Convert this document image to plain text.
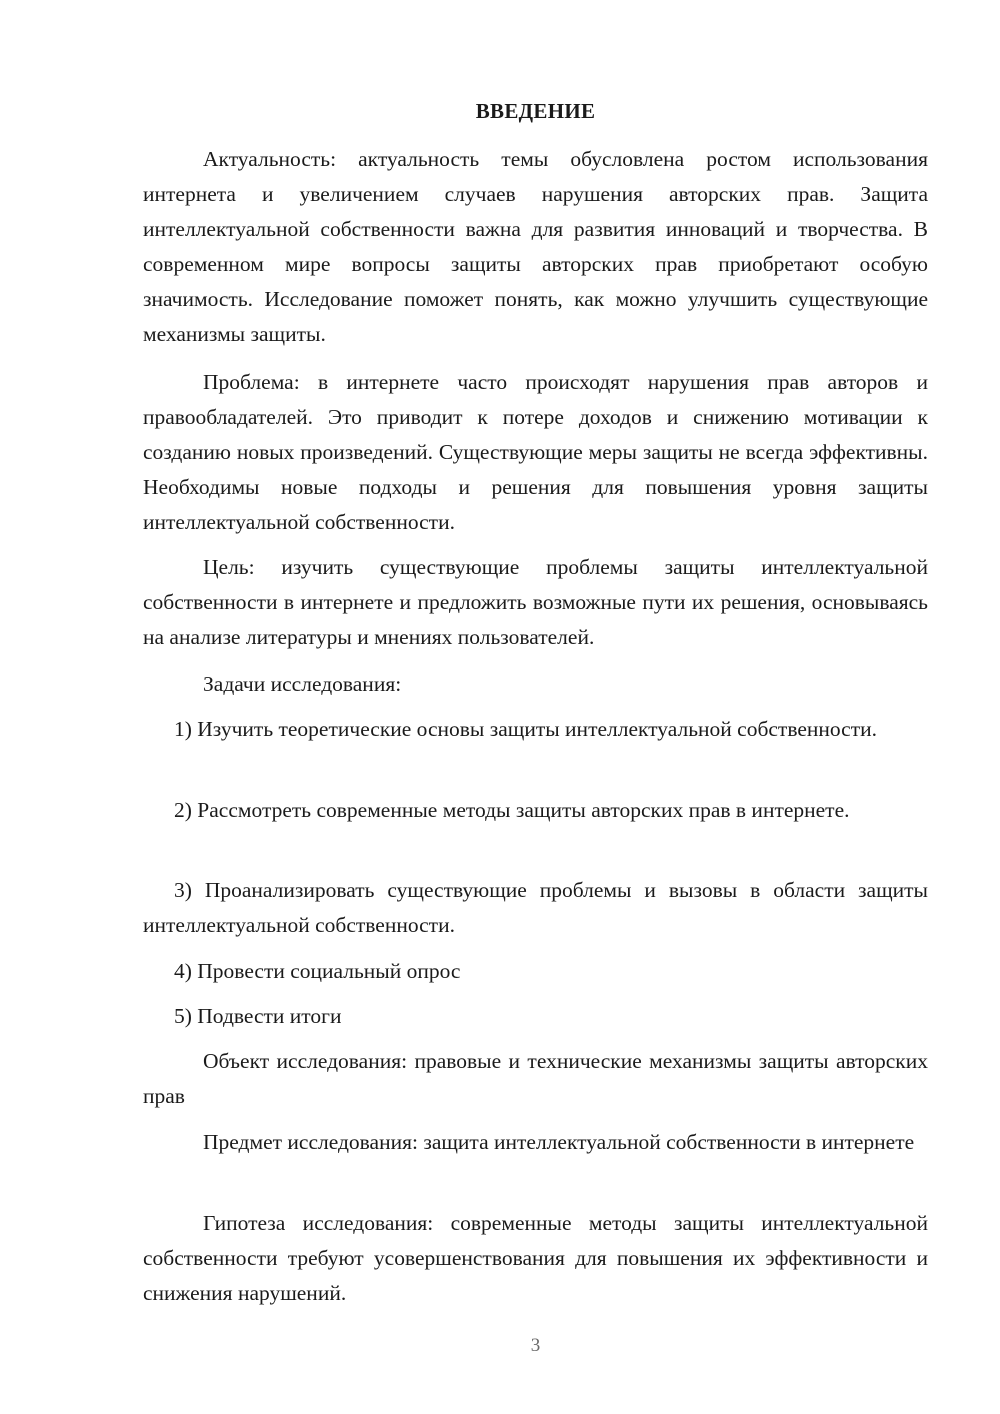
ВВЕДЕНИЕ

Актуальность: актуальность темы обусловлена ростом использования интернета и увеличением случаев нарушения авторских прав. Защита интеллектуальной собственности важна для развития инноваций и творчества. В современном мире вопросы защиты авторских прав приобретают особую значимость. Исследование поможет понять, как можно улучшить существующие механизмы защиты.

Проблема: в интернете часто происходят нарушения прав авторов и правообладателей. Это приводит к потере доходов и снижению мотивации к созданию новых произведений. Существующие меры защиты не всегда эффективны. Необходимы новые подходы и решения для повышения уровня защиты интеллектуальной собственности.

Цель: изучить существующие проблемы защиты интеллектуальной собственности в интернете и предложить возможные пути их решения, основываясь на анализе литературы и мнениях пользователей.

Задачи исследования:

1) Изучить теоретические основы защиты интеллектуальной собственности.

2) Рассмотреть современные методы защиты авторских прав в интернете.

3) Проанализировать существующие проблемы и вызовы в области защиты интеллектуальной собственности.

4) Провести социальный опрос

5) Подвести итоги

Объект исследования: правовые и технические механизмы защиты авторских прав

Предмет исследования: защита интеллектуальной собственности в интернете

Гипотеза исследования: современные методы защиты интеллектуальной собственности требуют усовершенствования для повышения их эффективности и снижения нарушений.

3
